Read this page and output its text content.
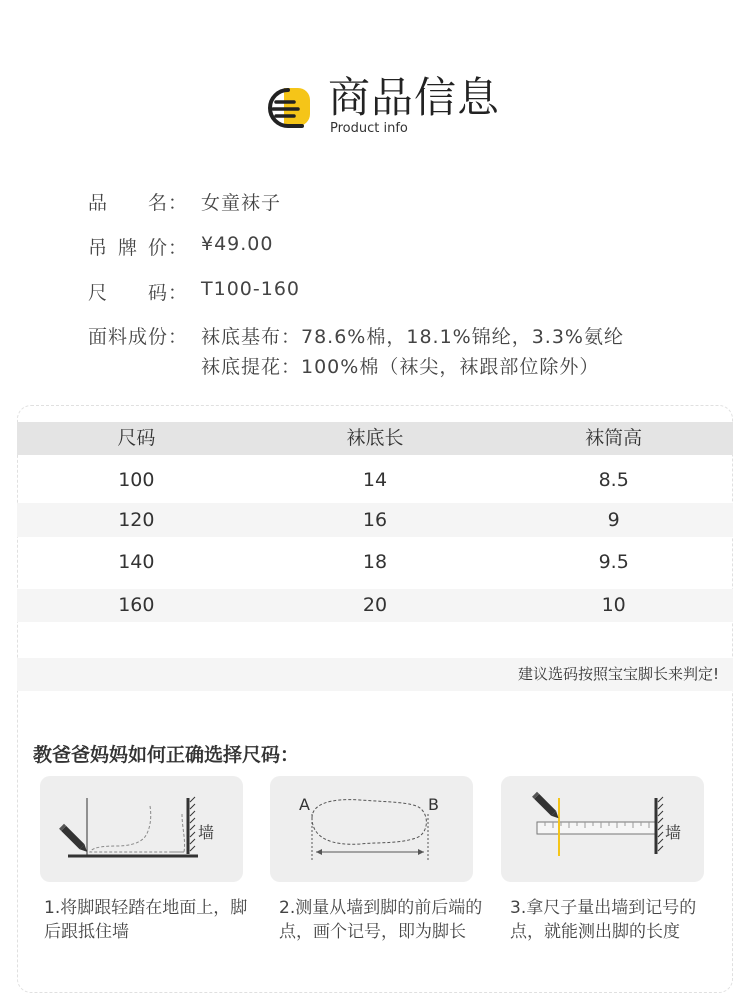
商品信息
Product info
品 名： 女童袜子
吊 牌 价： ¥49.00
尺 码： T100-160
面料成份： 袜底基布：78.6%棉，18.1%锦纶，3.3%氨纶
袜底提花：100%棉（袜尖，袜跟部位除外）
尺码	袜底长	袜筒高
100	14	8.5
120	16	9
140	18	9.5
160	20	10
建议选码按照宝宝脚长来判定!
教爸爸妈妈如何正确选择尺码：
墙
A	B
墙
1.将脚跟轻踏在地面上，脚后跟抵住墙
2.测量从墙到脚的前后端的点，画个记号，即为脚长
3.拿尺子量出墙到记号的点，就能测出脚的长度
